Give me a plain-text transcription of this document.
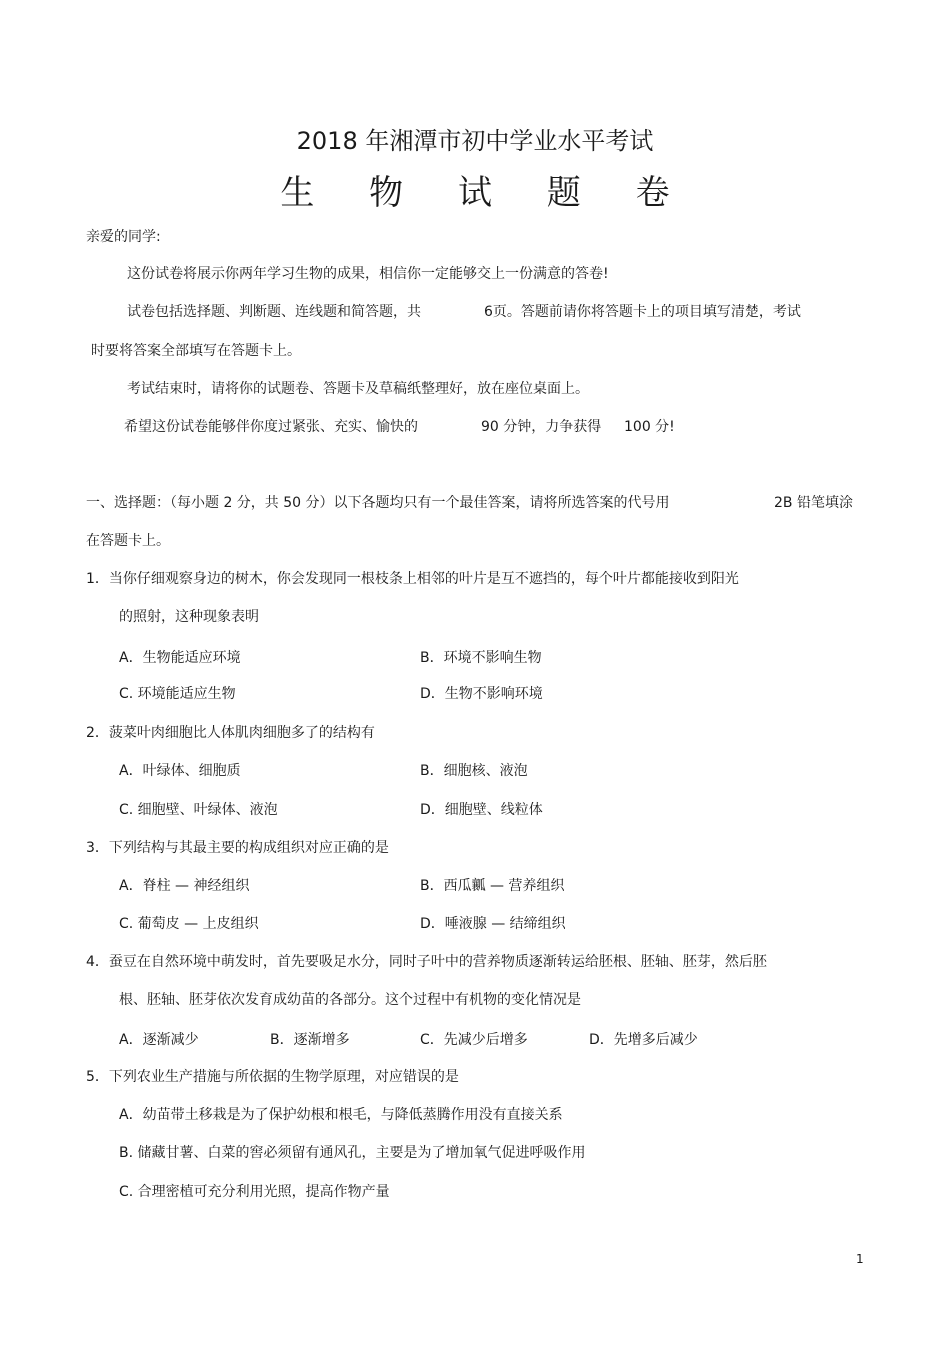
2018 年湘潭市初中学业水平考试
生 物 试 题 卷
亲爱的同学:
这份试卷将展示你两年学习生物的成果，相信你一定能够交上一份满意的答卷!
试卷包括选择题、判断题、连线题和简答题，共	6页。答题前请你将答题卡上的项目填写清楚，考试
时要将答案全部填写在答题卡上。
考试结束时，请将你的试题卷、答题卡及草稿纸整理好，放在座位桌面上。
希望这份试卷能够伴你度过紧张、充实、愉快的	90 分钟，力争获得 100 分!
一、选择题：（每小题 2 分，共 50 分）以下各题均只有一个最佳答案，请将所选答案的代号用	2B 铅笔填涂
在答题卡上。
1．当你仔细观察身边的树木，你会发现同一根枝条上相邻的叶片是互不遮挡的，每个叶片都能接收到阳光
的照射，这种现象表明
A．生物能适应环境	B．环境不影响生物
C. 环境能适应生物	D．生物不影响环境
2．菠菜叶肉细胞比人体肌肉细胞多了的结构有
A．叶绿体、细胞质	B．细胞核、液泡
C. 细胞壁、叶绿体、液泡	D．细胞壁、线粒体
3．下列结构与其最主要的构成组织对应正确的是
A．脊柱 — 神经组织	B．西瓜瓤 — 营养组织
C. 葡萄皮 — 上皮组织	D．唾液腺 — 结缔组织
4．蚕豆在自然环境中萌发时，首先要吸足水分，同时子叶中的营养物质逐渐转运给胚根、胚轴、胚芽，然后胚
根、胚轴、胚芽依次发育成幼苗的各部分。这个过程中有机物的变化情况是
A．逐渐减少	B．逐渐增多	C．先减少后增多	D．先增多后减少
5．下列农业生产措施与所依据的生物学原理，对应错误的是
A．幼苗带土移栽是为了保护幼根和根毛，与降低蒸腾作用没有直接关系
B. 储藏甘薯、白菜的窖必须留有通风孔，主要是为了增加氧气促进呼吸作用
C. 合理密植可充分利用光照，提高作物产量
1
